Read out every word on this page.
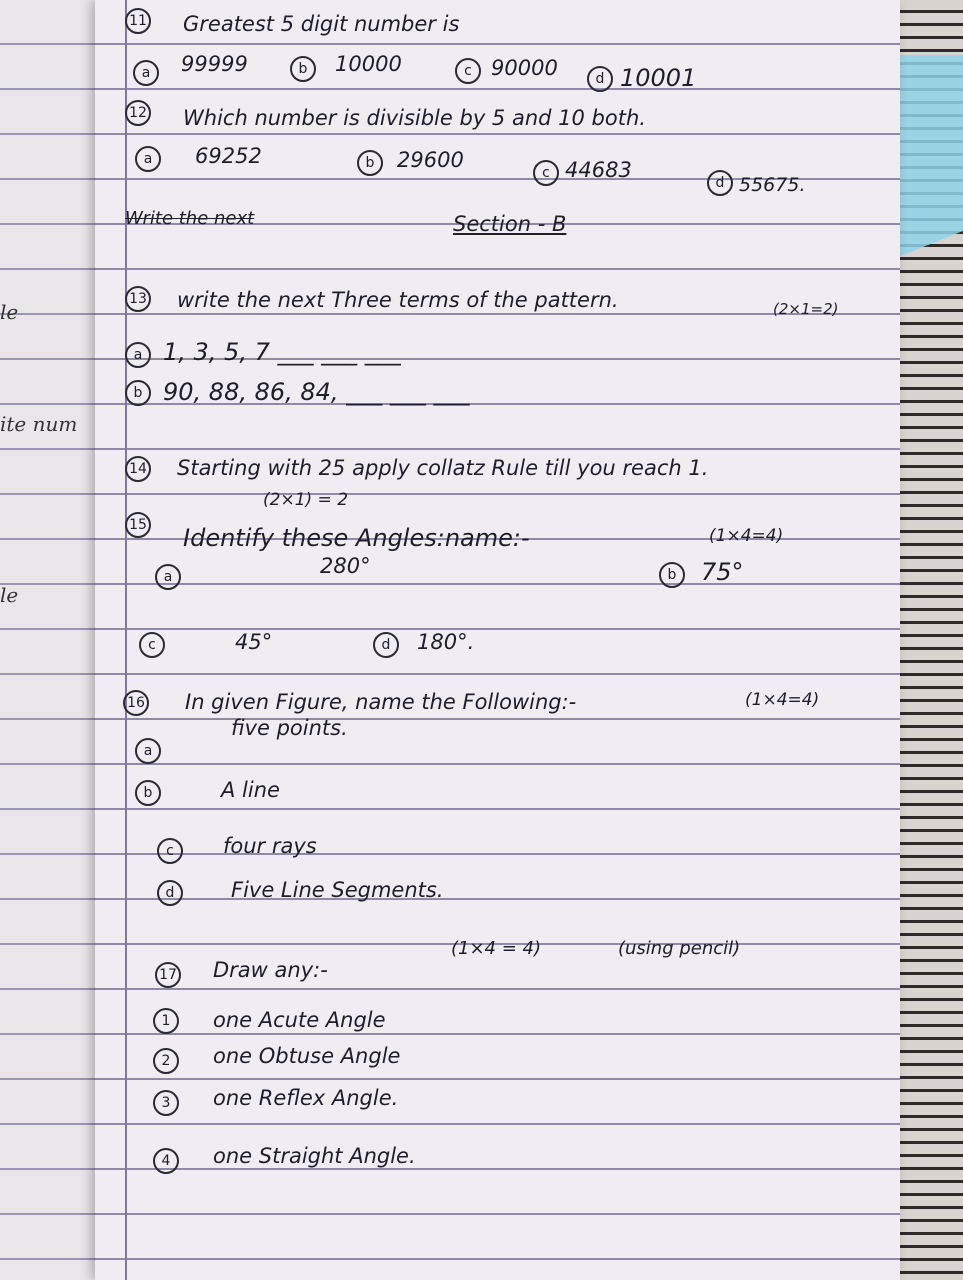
le
ite num
le
11 Greatest 5 digit number is
a	99999	b	10000	c 90000	d 10001
12 Which number is divisible by 5 and 10 both.
a	69252	b	29600
c 44683
d 55675.
Write the next	Section - B
13 write the next Three terms of the pattern.	(2×1=2)
a 1, 3, 5, 7 ___ ___ ___
b 90, 88, 86, 84, ___ ___ ___
14 Starting with 25 apply collatz Rule till you reach 1.
(2×1) = 2
15 Identify these Angles:name:-	(1×4=4)
a	280°	b	75°
c	45°	d	180°.
16 In given Figure, name the Following:-	(1×4=4)
a
five points.
b	A line
c	four rays
d	Five Line Segments.
17 Draw any:-
(1×4 = 4)	(using pencil)
1	one Acute Angle
2	one Obtuse Angle
3	one Reflex Angle.
4	one Straight Angle.
